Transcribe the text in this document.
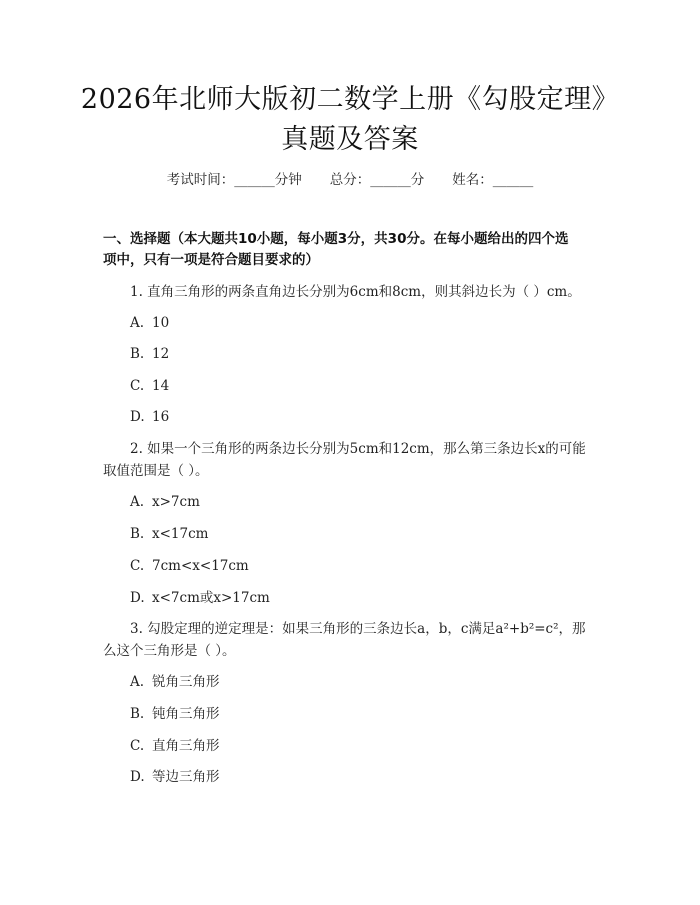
2026年北师大版初二数学上册《勾股定理》
真题及答案
考试时间：______分钟 总分：______分 姓名：______
一、选择题（本大题共10小题，每小题3分，共30分。在每小题给出的四个选
项中，只有一项是符合题目要求的）
1. 直角三角形的两条直角边长分别为6cm和8cm，则其斜边长为（ ）cm。
A. 10
B. 12
C. 14
D. 16
2. 如果一个三角形的两条边长分别为5cm和12cm，那么第三条边长x的可能
取值范围是（ ）。
A. x>7cm
B. x<17cm
C. 7cm<x<17cm
D. x<7cm或x>17cm
3. 勾股定理的逆定理是：如果三角形的三条边长a，b，c满足a²+b²=c²，那
么这个三角形是（ ）。
A. 锐角三角形
B. 钝角三角形
C. 直角三角形
D. 等边三角形
